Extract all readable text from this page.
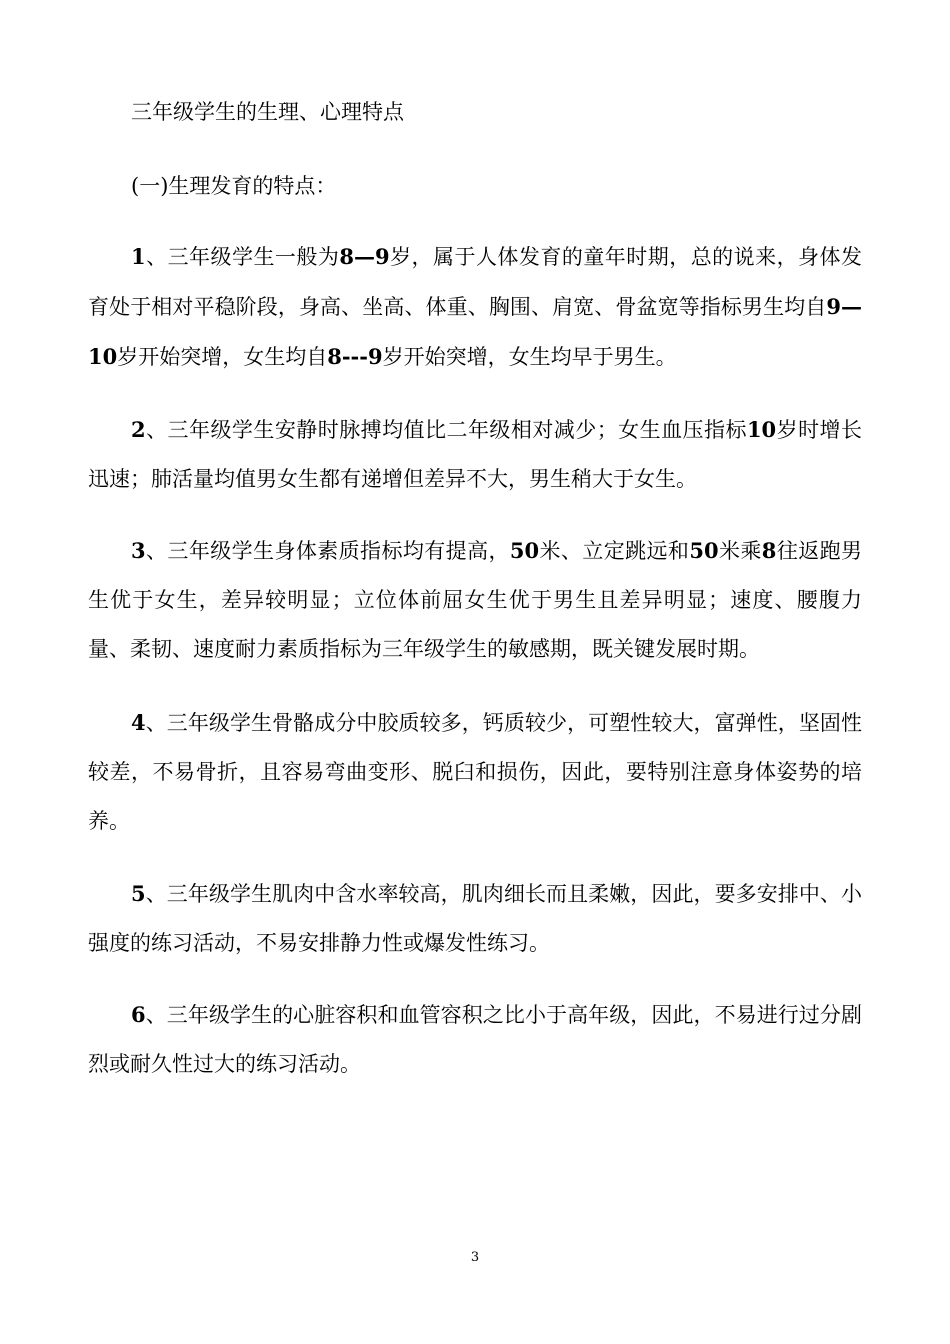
三年级学生的生理、心理特点
(一)生理发育的特点：
1、三年级学生一般为8—9岁，属于人体发育的童年时期，总的说来，身体发育处于相对平稳阶段，身高、坐高、体重、胸围、肩宽、骨盆宽等指标男生均自9—10岁开始突增，女生均自8---9岁开始突增，女生均早于男生。
2、三年级学生安静时脉搏均值比二年级相对减少；女生血压指标10岁时增长迅速；肺活量均值男女生都有递增但差异不大，男生稍大于女生。
3、三年级学生身体素质指标均有提高，50米、立定跳远和50米乘8往返跑男生优于女生，差异较明显；立位体前屈女生优于男生且差异明显；速度、腰腹力量、柔韧、速度耐力素质指标为三年级学生的敏感期，既关键发展时期。
4、三年级学生骨骼成分中胶质较多，钙质较少，可塑性较大，富弹性，坚固性较差，不易骨折，且容易弯曲变形、脱臼和损伤，因此，要特别注意身体姿势的培养。
5、三年级学生肌肉中含水率较高，肌肉细长而且柔嫩，因此，要多安排中、小强度的练习活动，不易安排静力性或爆发性练习。
6、三年级学生的心脏容积和血管容积之比小于高年级，因此，不易进行过分剧烈或耐久性过大的练习活动。
3
